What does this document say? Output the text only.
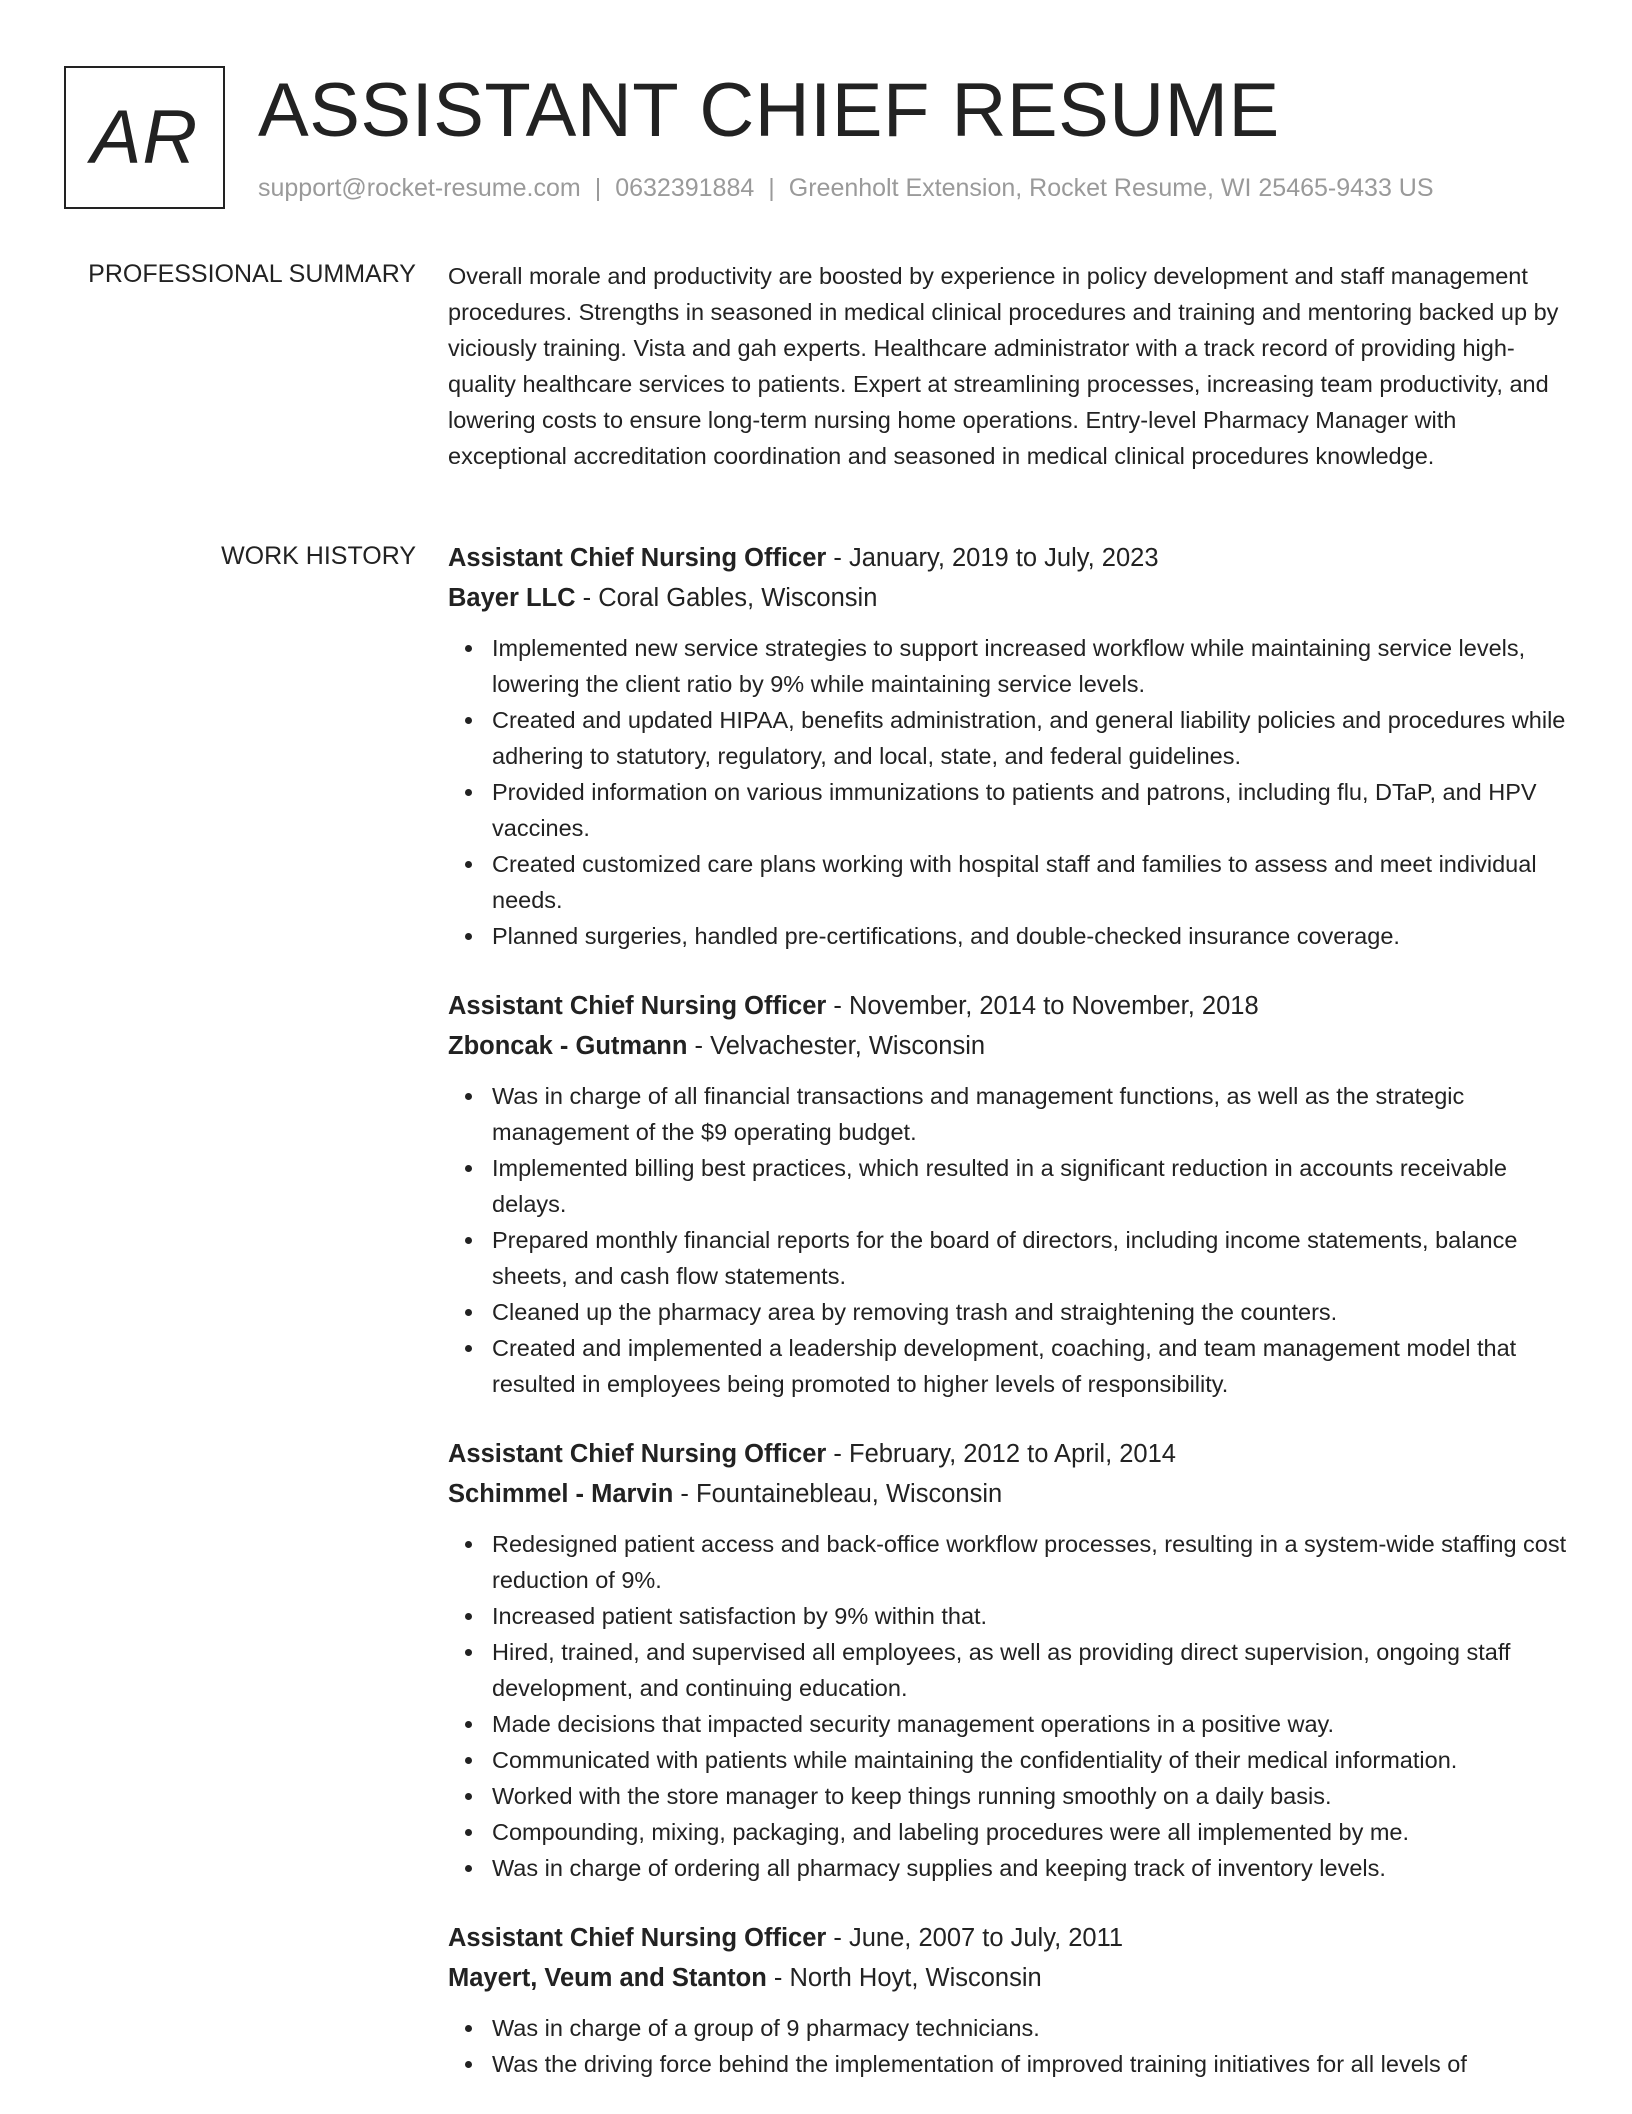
AR ASSISTANT CHIEF RESUME
support@rocket-resume.com | 0632391884 | Greenholt Extension, Rocket Resume, WI 25465-9433 US
PROFESSIONAL SUMMARY Overall morale and productivity are boosted by experience in policy development and staff management procedures. Strengths in seasoned in medical clinical procedures and training and mentoring backed up by viciously training. Vista and gah experts. Healthcare administrator with a track record of providing high-quality healthcare services to patients. Expert at streamlining processes, increasing team productivity, and lowering costs to ensure long-term nursing home operations. Entry-level Pharmacy Manager with exceptional accreditation coordination and seasoned in medical clinical procedures knowledge.

WORK HISTORY Assistant Chief Nursing Officer - January, 2019 to July, 2023
Bayer LLC - Coral Gables, Wisconsin
Implemented new service strategies to support increased workflow while maintaining service levels, lowering the client ratio by 9% while maintaining service levels.
Created and updated HIPAA, benefits administration, and general liability policies and procedures while adhering to statutory, regulatory, and local, state, and federal guidelines.
Provided information on various immunizations to patients and patrons, including flu, DTaP, and HPV vaccines.
Created customized care plans working with hospital staff and families to assess and meet individual needs.
Planned surgeries, handled pre-certifications, and double-checked insurance coverage.
Assistant Chief Nursing Officer - November, 2014 to November, 2018
Zboncak - Gutmann - Velvachester, Wisconsin
Was in charge of all financial transactions and management functions, as well as the strategic management of the $9 operating budget.
Implemented billing best practices, which resulted in a significant reduction in accounts receivable delays.
Prepared monthly financial reports for the board of directors, including income statements, balance sheets, and cash flow statements.
Cleaned up the pharmacy area by removing trash and straightening the counters.
Created and implemented a leadership development, coaching, and team management model that resulted in employees being promoted to higher levels of responsibility.
Assistant Chief Nursing Officer - February, 2012 to April, 2014
Schimmel - Marvin - Fountainebleau, Wisconsin
Redesigned patient access and back-office workflow processes, resulting in a system-wide staffing cost reduction of 9%.
Increased patient satisfaction by 9% within that.
Hired, trained, and supervised all employees, as well as providing direct supervision, ongoing staff development, and continuing education.
Made decisions that impacted security management operations in a positive way.
Communicated with patients while maintaining the confidentiality of their medical information.
Worked with the store manager to keep things running smoothly on a daily basis.
Compounding, mixing, packaging, and labeling procedures were all implemented by me.
Was in charge of ordering all pharmacy supplies and keeping track of inventory levels.
Assistant Chief Nursing Officer - June, 2007 to July, 2011
Mayert, Veum and Stanton - North Hoyt, Wisconsin
Was in charge of a group of 9 pharmacy technicians.
Was the driving force behind the implementation of improved training initiatives for all levels of
